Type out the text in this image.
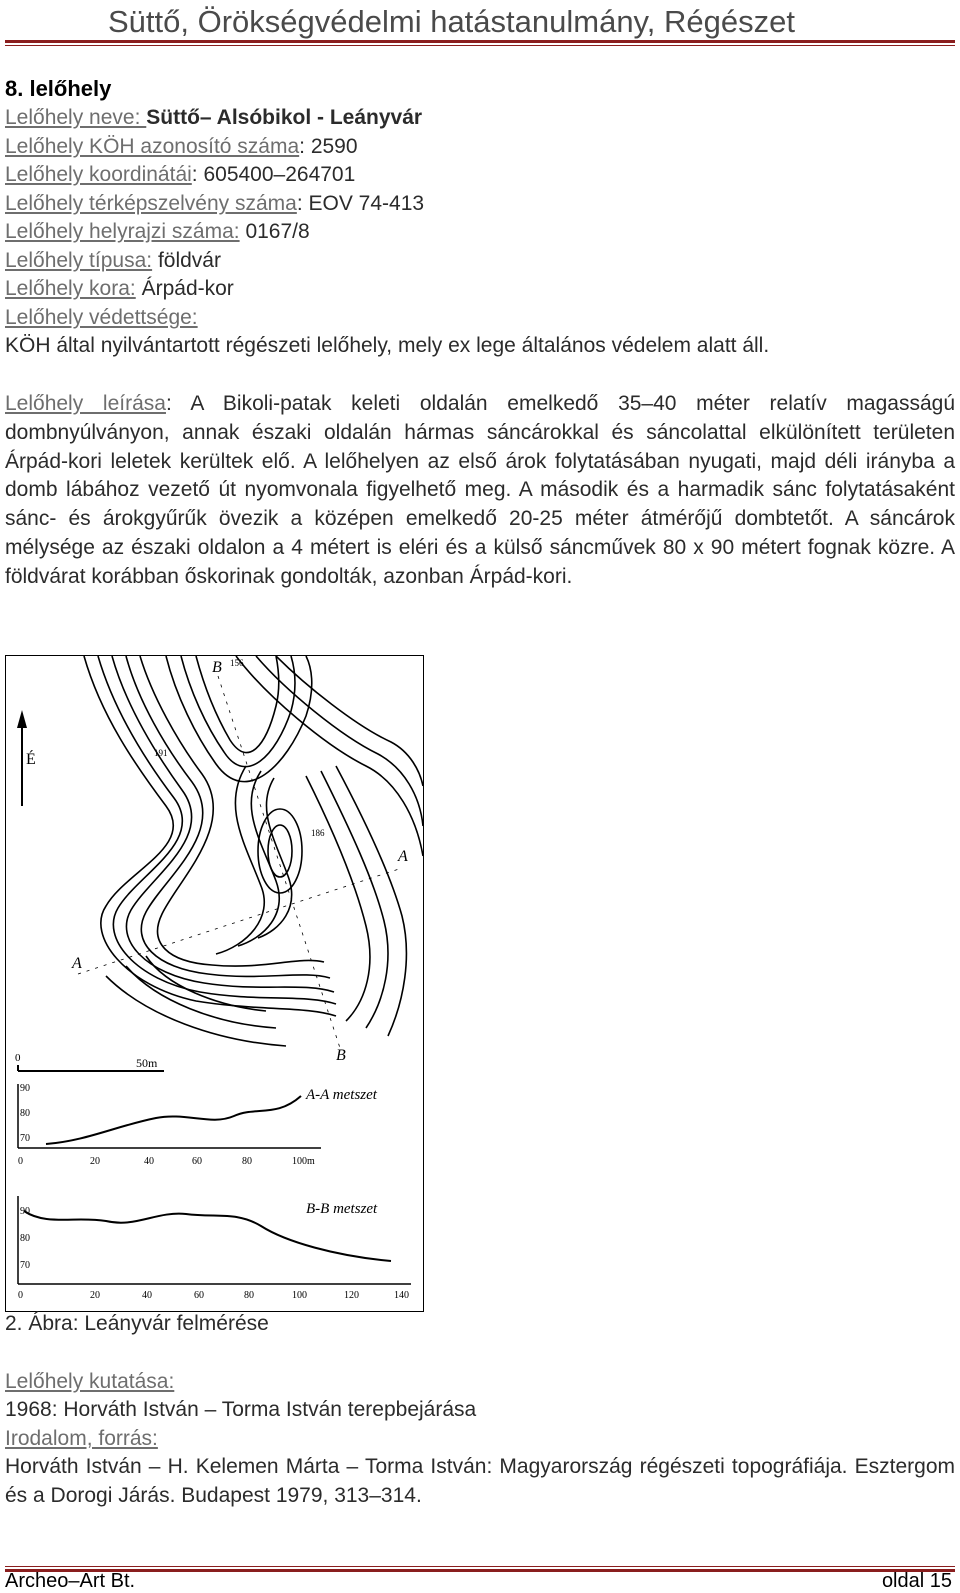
Süttő, Örökségvédelmi hatástanulmány, Régészet
8. lelőhely
Lelőhely neve: Süttő– Alsóbikol - Leányvár
Lelőhely KÖH azonosító száma: 2590
Lelőhely koordinátái: 605400–264701
Lelőhely térképszelvény száma: EOV 74-413
Lelőhely helyrajzi száma: 0167/8
Lelőhely típusa: földvár
Lelőhely kora: Árpád-kor
Lelőhely védettsége:
KÖH által nyilvántartott régészeti lelőhely, mely ex lege általános védelem alatt áll.
Lelőhely leírása: A Bikoli-patak keleti oldalán emelkedő 35–40 méter relatív magasságú dombnyúlványon, annak északi oldalán hármas sáncárokkal és sáncolattal elkülönített területen Árpád-kori leletek kerültek elő. A lelőhelyen az első árok folytatásában nyugati, majd déli irányba a domb lábához vezető út nyomvonala figyelhető meg. A második és a harmadik sánc folytatásaként sánc- és árokgyűrűk övezik a középen emelkedő 20-25 méter átmérőjű dombtetőt. A sáncárok mélysége az északi oldalon a 4 métert is eléri és a külső sáncművek 80 x 90 métert fognak közre. A földvárat korábban őskorinak gondolták, azonban Árpád-kori.
É
B 156
191
186
A
A
B
0	50m
90
80
70
A-A metszet
0	20	40	60	80	100m
90
80
70
B-B metszet
0	20	40	60	80	100	120	140
2. Ábra: Leányvár felmérése
Lelőhely kutatása:
1968: Horváth István – Torma István terepbejárása
Irodalom, forrás:
Horváth István – H. Kelemen Márta – Torma István: Magyarország régészeti topográfiája. Esztergom és a Dorogi Járás. Budapest 1979, 313–314.
Archeo–Art Bt.	oldal 15
